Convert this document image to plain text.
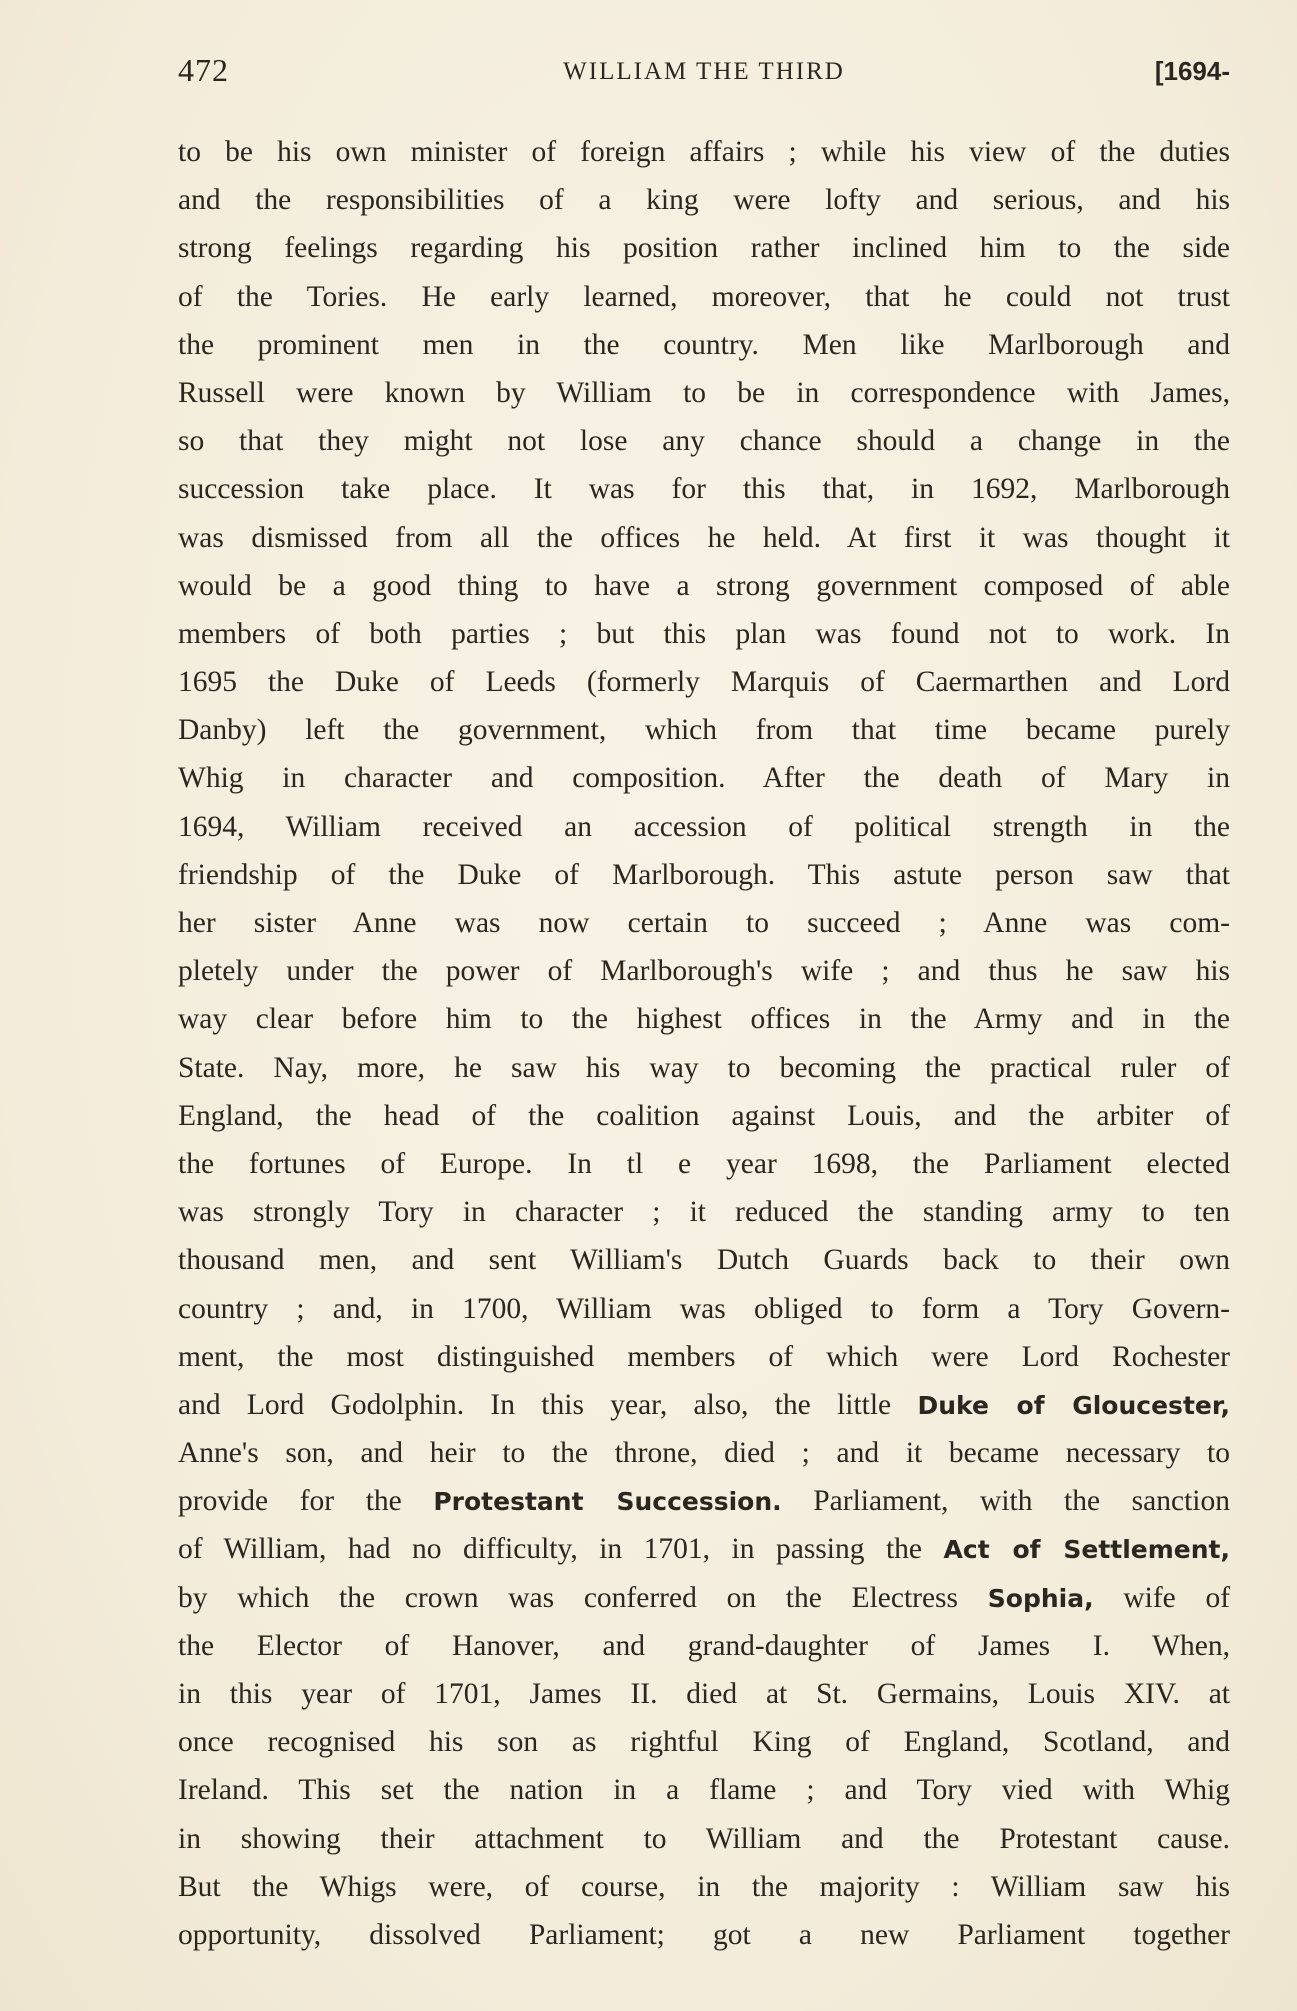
472	WILLIAM THE THIRD	[1694-
to be his own minister of foreign affairs ; while his view of the duties
and the responsibilities of a king were lofty and serious, and his
strong feelings regarding his position rather inclined him to the side
of the Tories. He early learned, moreover, that he could not trust
the prominent men in the country. Men like Marlborough and
Russell were known by William to be in correspondence with James,
so that they might not lose any chance should a change in the
succession take place. It was for this that, in 1692, Marlborough
was dismissed from all the offices he held. At first it was thought it
would be a good thing to have a strong government composed of able
members of both parties ; but this plan was found not to work. In
1695 the Duke of Leeds (formerly Marquis of Caermarthen and Lord
Danby) left the government, which from that time became purely
Whig in character and composition. After the death of Mary in
1694, William received an accession of political strength in the
friendship of the Duke of Marlborough. This astute person saw that
her sister Anne was now certain to succeed ; Anne was com-
pletely under the power of Marlborough's wife ; and thus he saw his
way clear before him to the highest offices in the Army and in the
State. Nay, more, he saw his way to becoming the practical ruler of
England, the head of the coalition against Louis, and the arbiter of
the fortunes of Europe. In tl e year 1698, the Parliament elected
was strongly Tory in character ; it reduced the standing army to ten
thousand men, and sent William's Dutch Guards back to their own
country ; and, in 1700, William was obliged to form a Tory Govern-
ment, the most distinguished members of which were Lord Rochester
and Lord Godolphin. In this year, also, the little Duke of Gloucester,
Anne's son, and heir to the throne, died ; and it became necessary to
provide for the Protestant Succession. Parliament, with the sanction
of William, had no difficulty, in 1701, in passing the Act of Settlement,
by which the crown was conferred on the Electress Sophia, wife of
the Elector of Hanover, and grand-daughter of James I. When,
in this year of 1701, James II. died at St. Germains, Louis XIV. at
once recognised his son as rightful King of England, Scotland, and
Ireland. This set the nation in a flame ; and Tory vied with Whig
in showing their attachment to William and the Protestant cause.
But the Whigs were, of course, in the majority : William saw his
opportunity, dissolved Parliament; got a new Parliament together
